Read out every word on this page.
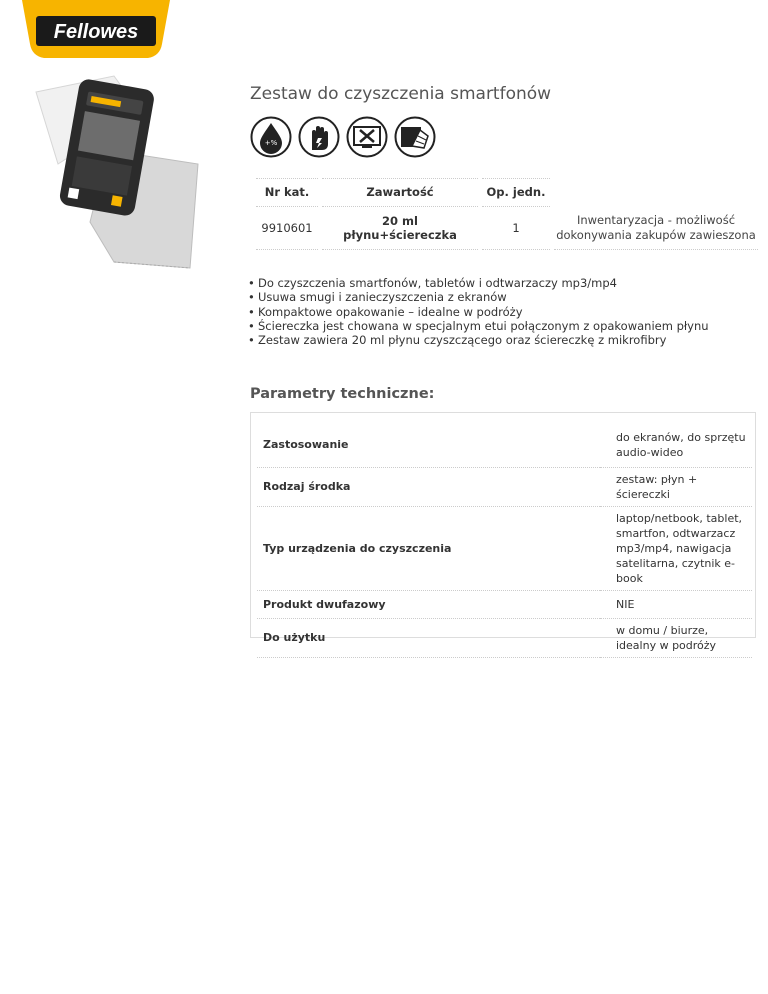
Fellowes
Zestaw do czyszczenia smartfonów
+%
Nr kat.	Zawartość	Op. jedn.	
9910601	20 ml płynu+ściereczka	1	Inwentaryzacja - możliwość dokonywania zakupów zawieszona
• Do czyszczenia smartfonów, tabletów i odtwarzaczy mp3/mp4
• Usuwa smugi i zanieczyszczenia z ekranów
• Kompaktowe opakowanie – idealne w podróży
• Ściereczka jest chowana w specjalnym etui połączonym z opakowaniem płynu
• Zestaw zawiera 20 ml płynu czyszczącego oraz ściereczkę z mikrofibry
Parametry techniczne:
Zastosowanie	do ekranów, do sprzętu audio-wideo
Rodzaj środka	zestaw: płyn + ściereczki
Typ urządzenia do czyszczenia	laptop/netbook, tablet, smartfon, odtwarzacz mp3/mp4, nawigacja satelitarna, czytnik e-book
Produkt dwufazowy	NIE
Do użytku	w domu / biurze, idealny w podróży
